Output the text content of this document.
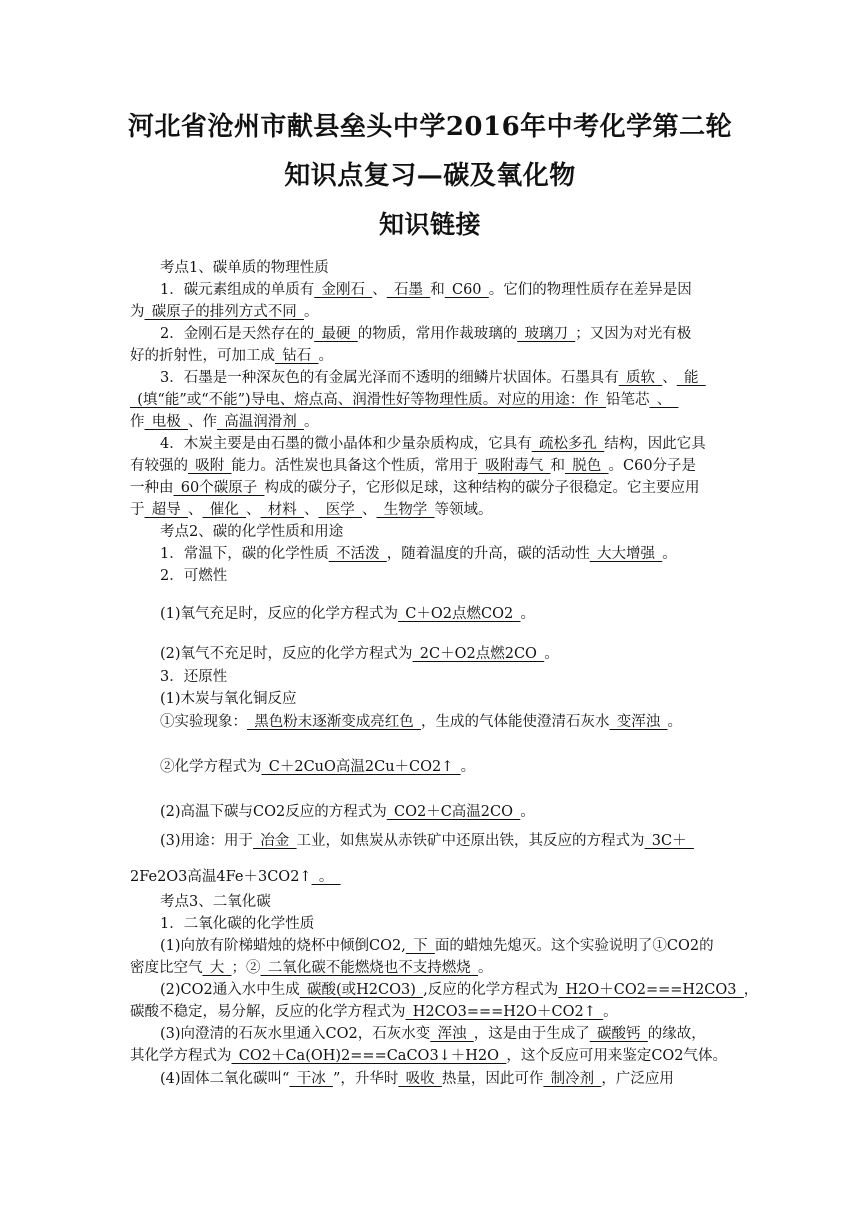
河北省沧州市献县垒头中学2016年中考化学第二轮
知识点复习—碳及氧化物
知识链接
考点1、碳单质的物理性质
1．碳元素组成的单质有 金刚石 、 石墨 和 C60 。它们的物理性质存在差异是因
为 碳原子的排列方式不同 。
2．金刚石是天然存在的 最硬 的物质，常用作裁玻璃的 玻璃刀 ；又因为对光有极
好的折射性，可加工成 钻石 。
3．石墨是一种深灰色的有金属光泽而不透明的细鳞片状固体。石墨具有 质软 、 能 
 (填“能”或“不能”)导电、熔点高、润滑性好等物理性质。对应的用途：作 铅笔芯 、 
作 电极 、作 高温润滑剂 。
4．木炭主要是由石墨的微小晶体和少量杂质构成，它具有 疏松多孔 结构，因此它具
有较强的 吸附 能力。活性炭也具备这个性质，常用于 吸附毒气 和 脱色 。C60分子是
一种由 60个碳原子 构成的碳分子，它形似足球，这种结构的碳分子很稳定。它主要应用
于 超导 、 催化 、 材料 、 医学 、 生物学 等领域。
考点2、碳的化学性质和用途
1．常温下，碳的化学性质 不活泼 ，随着温度的升高，碳的活动性 大大增强 。
2．可燃性
(1)氧气充足时，反应的化学方程式为 C＋O2点燃CO2 。
(2)氧气不充足时，反应的化学方程式为 2C＋O2点燃2CO 。
3．还原性
(1)木炭与氧化铜反应
①实验现象： 黑色粉末逐渐变成亮红色 ，生成的气体能使澄清石灰水 变浑浊 。
②化学方程式为 C＋2CuO高温2Cu＋CO2↑ 。
(2)高温下碳与CO2反应的方程式为 CO2＋C高温2CO 。
(3)用途：用于 冶金 工业，如焦炭从赤铁矿中还原出铁，其反应的方程式为 3C＋ 
2Fe2O3高温4Fe＋3CO2↑ 。 
考点3、二氧化碳
1．二氧化碳的化学性质
(1)向放有阶梯蜡烛的烧杯中倾倒CO2, 下 面的蜡烛先熄灭。这个实验说明了①CO2的
密度比空气 大 ；② 二氧化碳不能燃烧也不支持燃烧 。
(2)CO2通入水中生成 碳酸(或H2CO3) ,反应的化学方程式为 H2O＋CO2===H2CO3 ，
碳酸不稳定，易分解，反应的化学方程式为 H2CO3===H2O＋CO2↑ 。
(3)向澄清的石灰水里通入CO2，石灰水变 浑浊 ，这是由于生成了 碳酸钙 的缘故，
其化学方程式为 CO2＋Ca(OH)2===CaCO3↓＋H2O ，这个反应可用来鉴定CO2气体。
(4)固体二氧化碳叫“ 干冰 ”，升华时 吸收 热量，因此可作 制冷剂 ，广泛应用
